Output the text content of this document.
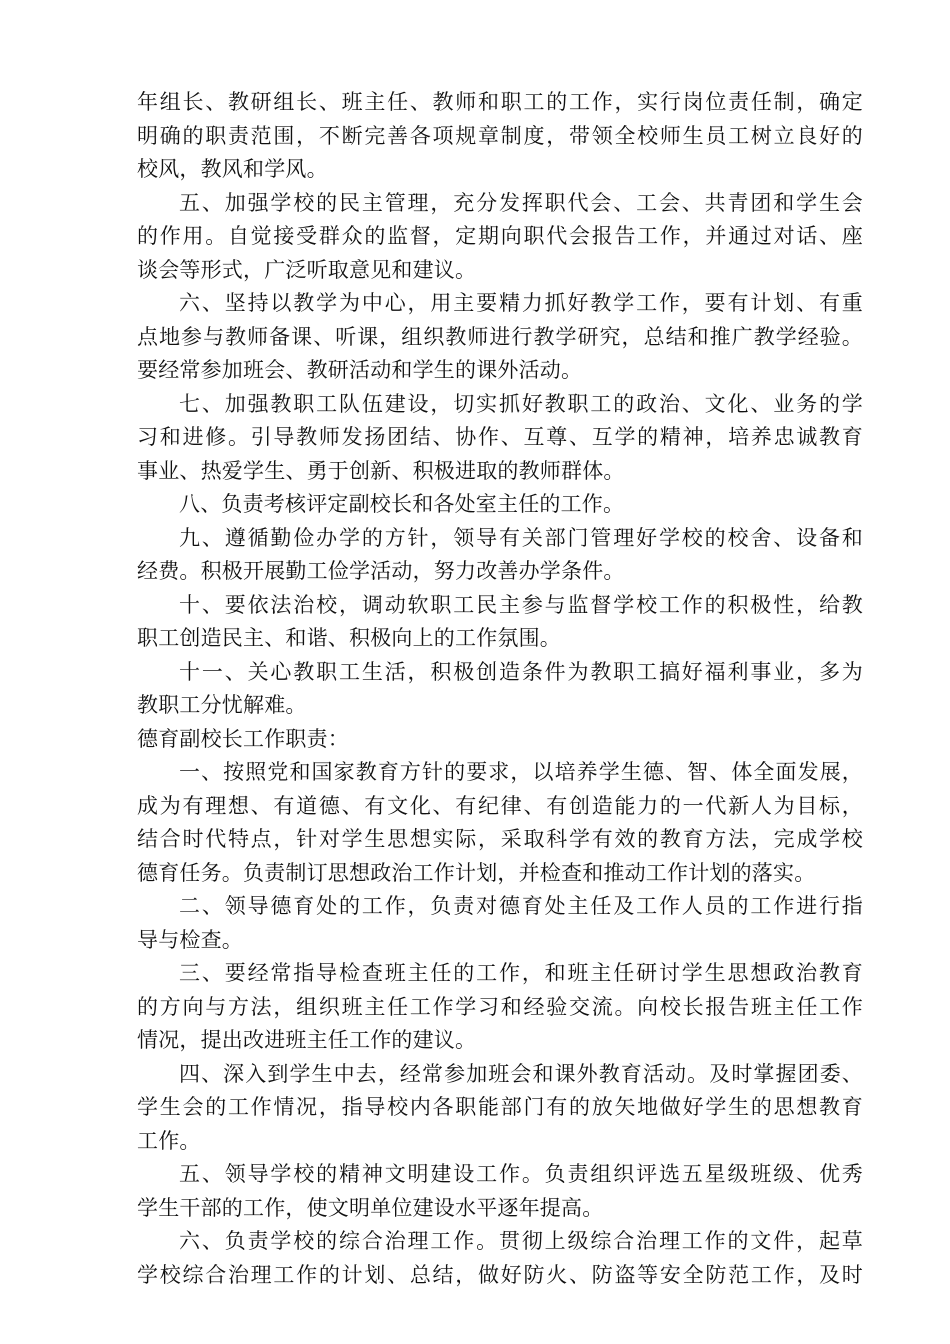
年组长、教研组长、班主任、教师和职工的工作，实行岗位责任制，确定
明确的职责范围，不断完善各项规章制度，带领全校师生员工树立良好的
校风，教风和学风。
五、加强学校的民主管理，充分发挥职代会、工会、共青团和学生会
的作用。自觉接受群众的监督，定期向职代会报告工作，并通过对话、座
谈会等形式，广泛听取意见和建议。
六、坚持以教学为中心，用主要精力抓好教学工作，要有计划、有重
点地参与教师备课、听课，组织教师进行教学研究，总结和推广教学经验。
要经常参加班会、教研活动和学生的课外活动。
七、加强教职工队伍建设，切实抓好教职工的政治、文化、业务的学
习和进修。引导教师发扬团结、协作、互尊、互学的精神，培养忠诚教育
事业、热爱学生、勇于创新、积极进取的教师群体。
八、负责考核评定副校长和各处室主任的工作。
九、遵循勤俭办学的方针，领导有关部门管理好学校的校舍、设备和
经费。积极开展勤工俭学活动，努力改善办学条件。
十、要依法治校，调动软职工民主参与监督学校工作的积极性，给教
职工创造民主、和谐、积极向上的工作氛围。
十一、关心教职工生活，积极创造条件为教职工搞好福利事业，多为
教职工分忧解难。
德育副校长工作职责：
一、按照党和国家教育方针的要求，以培养学生德、智、体全面发展，
成为有理想、有道德、有文化、有纪律、有创造能力的一代新人为目标，
结合时代特点，针对学生思想实际，采取科学有效的教育方法，完成学校
德育任务。负责制订思想政治工作计划，并检查和推动工作计划的落实。
二、领导德育处的工作，负责对德育处主任及工作人员的工作进行指
导与检查。
三、要经常指导检查班主任的工作，和班主任研讨学生思想政治教育
的方向与方法，组织班主任工作学习和经验交流。向校长报告班主任工作
情况，提出改进班主任工作的建议。
四、深入到学生中去，经常参加班会和课外教育活动。及时掌握团委、
学生会的工作情况，指导校内各职能部门有的放矢地做好学生的思想教育
工作。
五、领导学校的精神文明建设工作。负责组织评选五星级班级、优秀
学生干部的工作，使文明单位建设水平逐年提高。
六、负责学校的综合治理工作。贯彻上级综合治理工作的文件，起草
学校综合治理工作的计划、总结，做好防火、防盗等安全防范工作，及时
